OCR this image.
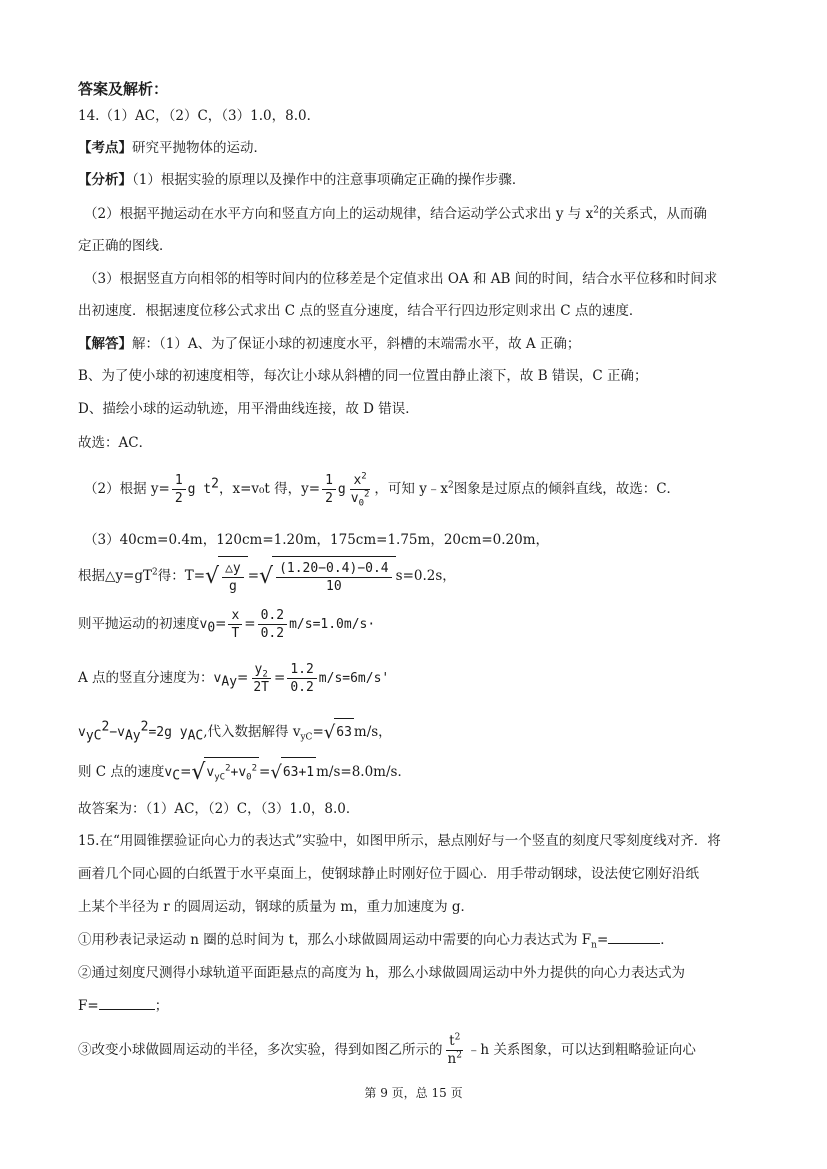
答案及解析：
14.（1）AC，（2）C，（3）1.0，8.0．
【考点】研究平抛物体的运动．
【分析】（1）根据实验的原理以及操作中的注意事项确定正确的操作步骤．
（2）根据平抛运动在水平方向和竖直方向上的运动规律，结合运动学公式求出 y 与 $x^2$的关系式，从而确
定正确的图线．
（3）根据竖直方向相邻的相等时间内的位移差是个定值求出 OA 和 AB 间的时间，结合水平位移和时间求
出初速度．根据速度位移公式求出 C 点的竖直分速度，结合平行四边形定则求出 C 点的速度．
【解答】解：（1）A、为了保证小球的初速度水平，斜槽的末端需水平，故 A 正确；
B、为了使小球的初速度相等，每次让小球从斜槽的同一位置由静止滚下，故 B 错误，C 正确；
D、描绘小球的运动轨迹，用平滑曲线连接，故 D 错误．
故选：AC．
（2）根据 $y= \frac{1}{2}$ g $t^2$，x=v₀t 得，$y= \frac{1}{2}$ g $\frac{x^2}{v_0^2}$ ，可知 $y﹣x^2$图象是过原点的倾斜直线，故选：C．
（3）40cm=0.4m，120cm=1.20m，175cm=1.75m，20cm=0.20m，
根据$\triangle y=gT^2$得：T= √ $\frac{\triangle y}{g}$ = √ $\frac{(1.20-0.4)-0.4}{10} s=0.2s$，
则平抛运动的初速度$v_0= \frac{x}{T} = \frac{0.2}{0.2} m/s=1.0m/s\cdot$
A 点的竖直分速度为：$v_{Ay}= \frac{y_2}{2T} = \frac{1.2}{0.2} m/s=6m/s'$
$v_{yC}^2-v_{Ay}^2=2g$ $y_{AC}$,代入数据解得 $v_{yC}=$ √ 63 m/s，
则 C 点的速度$v_C=$ √ $v_{yC}^2+v_0^2$ = √ 63+1 m/s=8.0m/s．
故答案为：（1）AC，（2）C，（3）1.0，8.0．
15.在“用圆锥摆验证向心力的表达式”实验中，如图甲所示，悬点刚好与一个竖直的刻度尺零刻度线对齐．将
画着几个同心圆的白纸置于水平桌面上，使钢球静止时刚好位于圆心．用手带动钢球，设法使它刚好沿纸
上某个半径为 r 的圆周运动，钢球的质量为 m，重力加速度为 g．
①用秒表记录运动 n 圈的总时间为 t，那么小球做圆周运动中需要的向心力表达式为 $F_n=$	．
②通过刻度尺测得小球轨道平面距悬点的高度为 h，那么小球做圆周运动中外力提供的向心力表达式为
F=	；
③改变小球做圆周运动的半径，多次实验，得到如图乙所示的 $\frac{t^2}{n^2}$ ﹣h 关系图象，可以达到粗略验证向心
第 9 页，总 15 页
